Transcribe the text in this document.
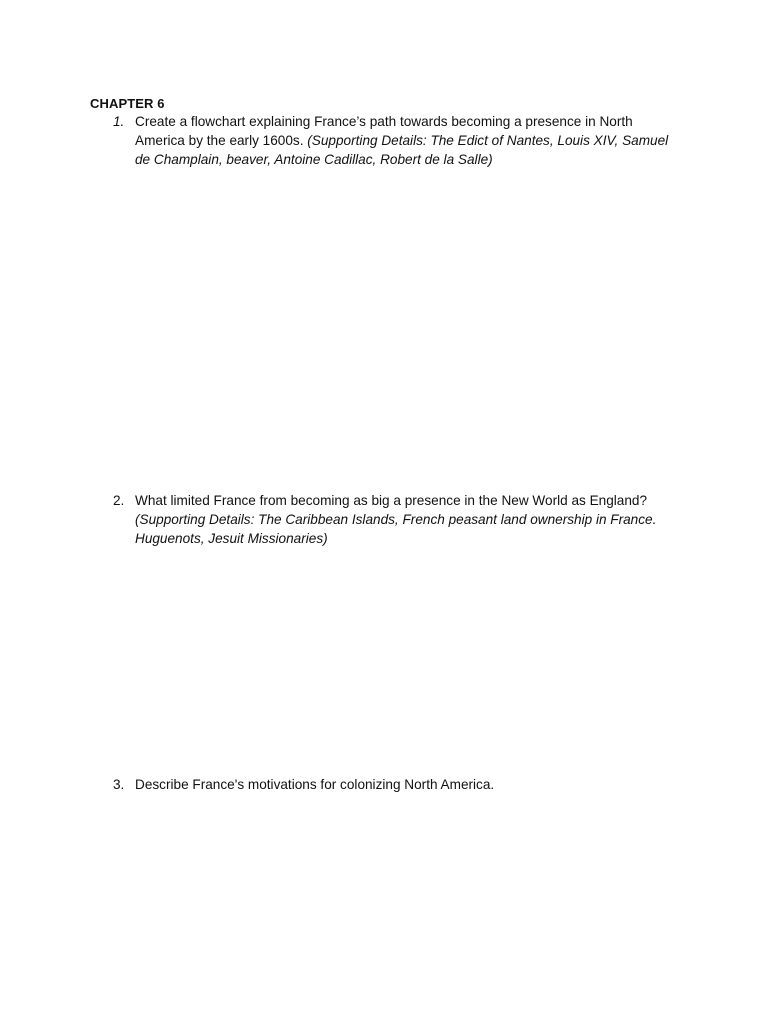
CHAPTER 6
1. Create a flowchart explaining France’s path towards becoming a presence in North America by the early 1600s. (Supporting Details: The Edict of Nantes, Louis XIV, Samuel de Champlain, beaver, Antoine Cadillac, Robert de la Salle)
2. What limited France from becoming as big a presence in the New World as England?
(Supporting Details: The Caribbean Islands, French peasant land ownership in France. Huguenots, Jesuit Missionaries)
3. Describe France's motivations for colonizing North America.
